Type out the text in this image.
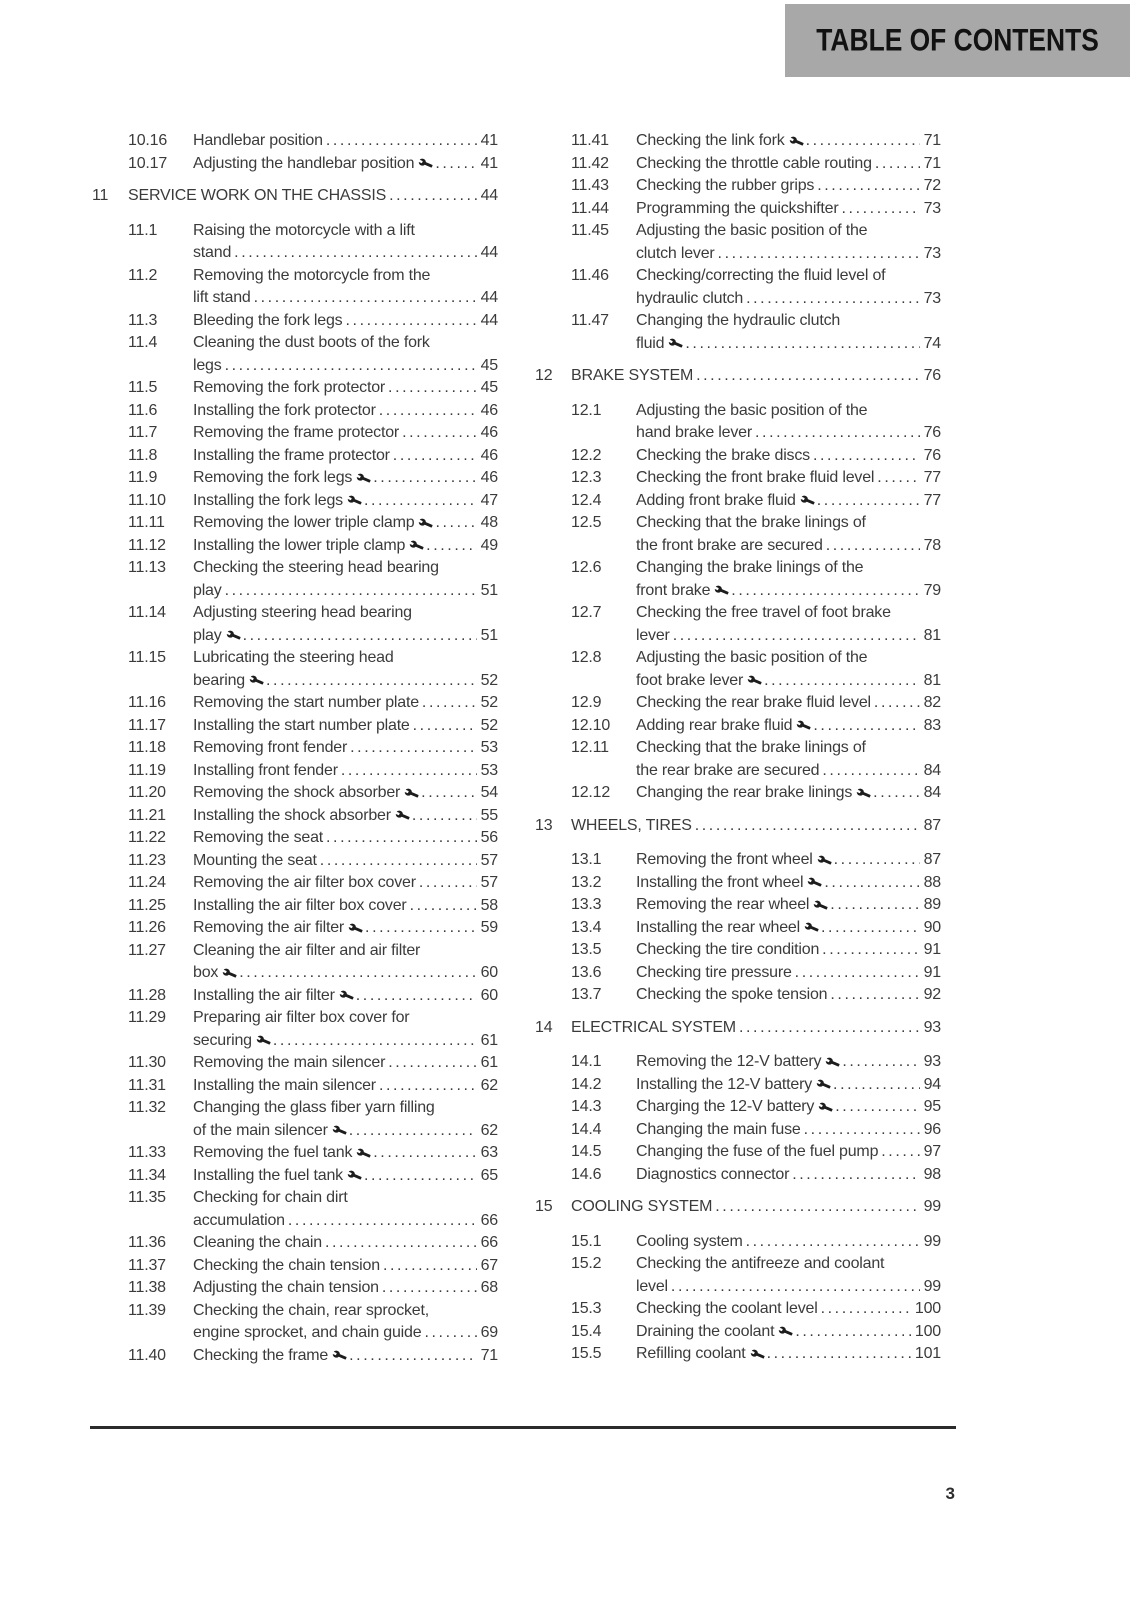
TABLE OF CONTENTS
10.16	Handlebar position .....	41
10.17	Adjusting the handlebar position .....	41
11	SERVICE WORK ON THE CHASSIS .....	44
11.1	Raising the motorcycle with a lift
stand .....	44
11.2	Removing the motorcycle from the
lift stand .....	44
11.3	Bleeding the fork legs .....	44
11.4	Cleaning the dust boots of the fork
legs .....	45
11.5	Removing the fork protector .....	45
11.6	Installing the fork protector .....	46
11.7	Removing the frame protector .....	46
11.8	Installing the frame protector .....	46
11.9	Removing the fork legs .....	46
11.10	Installing the fork legs .....	47
11.11	Removing the lower triple clamp .....	48
11.12	Installing the lower triple clamp .....	49
11.13	Checking the steering head bearing
play .....	51
11.14	Adjusting steering head bearing
play .....	51
11.15	Lubricating the steering head
bearing .....	52
11.16	Removing the start number plate .....	52
11.17	Installing the start number plate .....	52
11.18	Removing front fender .....	53
11.19	Installing front fender .....	53
11.20	Removing the shock absorber .....	54
11.21	Installing the shock absorber .....	55
11.22	Removing the seat .....	56
11.23	Mounting the seat .....	57
11.24	Removing the air filter box cover .....	57
11.25	Installing the air filter box cover .....	58
11.26	Removing the air filter .....	59
11.27	Cleaning the air filter and air filter
box .....	60
11.28	Installing the air filter .....	60
11.29	Preparing air filter box cover for
securing .....	61
11.30	Removing the main silencer .....	61
11.31	Installing the main silencer .....	62
11.32	Changing the glass fiber yarn filling
of the main silencer .....	62
11.33	Removing the fuel tank .....	63
11.34	Installing the fuel tank .....	65
11.35	Checking for chain dirt
accumulation .....	66
11.36	Cleaning the chain .....	66
11.37	Checking the chain tension .....	67
11.38	Adjusting the chain tension .....	68
11.39	Checking the chain, rear sprocket,
engine sprocket, and chain guide .....	69
11.40	Checking the frame .....	71
11.41	Checking the link fork .....	71
11.42	Checking the throttle cable routing .....	71
11.43	Checking the rubber grips .....	72
11.44	Programming the quickshifter .....	73
11.45	Adjusting the basic position of the
clutch lever .....	73
11.46	Checking/correcting the fluid level of
hydraulic clutch .....	73
11.47	Changing the hydraulic clutch
fluid .....	74
12	BRAKE SYSTEM .....	76
12.1	Adjusting the basic position of the
hand brake lever .....	76
12.2	Checking the brake discs .....	76
12.3	Checking the front brake fluid level .....	77
12.4	Adding front brake fluid .....	77
12.5	Checking that the brake linings of
the front brake are secured .....	78
12.6	Changing the brake linings of the
front brake .....	79
12.7	Checking the free travel of foot brake
lever .....	81
12.8	Adjusting the basic position of the
foot brake lever .....	81
12.9	Checking the rear brake fluid level .....	82
12.10	Adding rear brake fluid .....	83
12.11	Checking that the brake linings of
the rear brake are secured .....	84
12.12	Changing the rear brake linings .....	84
13	WHEELS, TIRES .....	87
13.1	Removing the front wheel .....	87
13.2	Installing the front wheel .....	88
13.3	Removing the rear wheel .....	89
13.4	Installing the rear wheel .....	90
13.5	Checking the tire condition .....	91
13.6	Checking tire pressure .....	91
13.7	Checking the spoke tension .....	92
14	ELECTRICAL SYSTEM .....	93
14.1	Removing the 12-V battery .....	93
14.2	Installing the 12-V battery .....	94
14.3	Charging the 12-V battery .....	95
14.4	Changing the main fuse .....	96
14.5	Changing the fuse of the fuel pump .....	97
14.6	Diagnostics connector .....	98
15	COOLING SYSTEM .....	99
15.1	Cooling system .....	99
15.2	Checking the antifreeze and coolant
level .....	99
15.3	Checking the coolant level .....	100
15.4	Draining the coolant .....	100
15.5	Refilling coolant .....	101
3
